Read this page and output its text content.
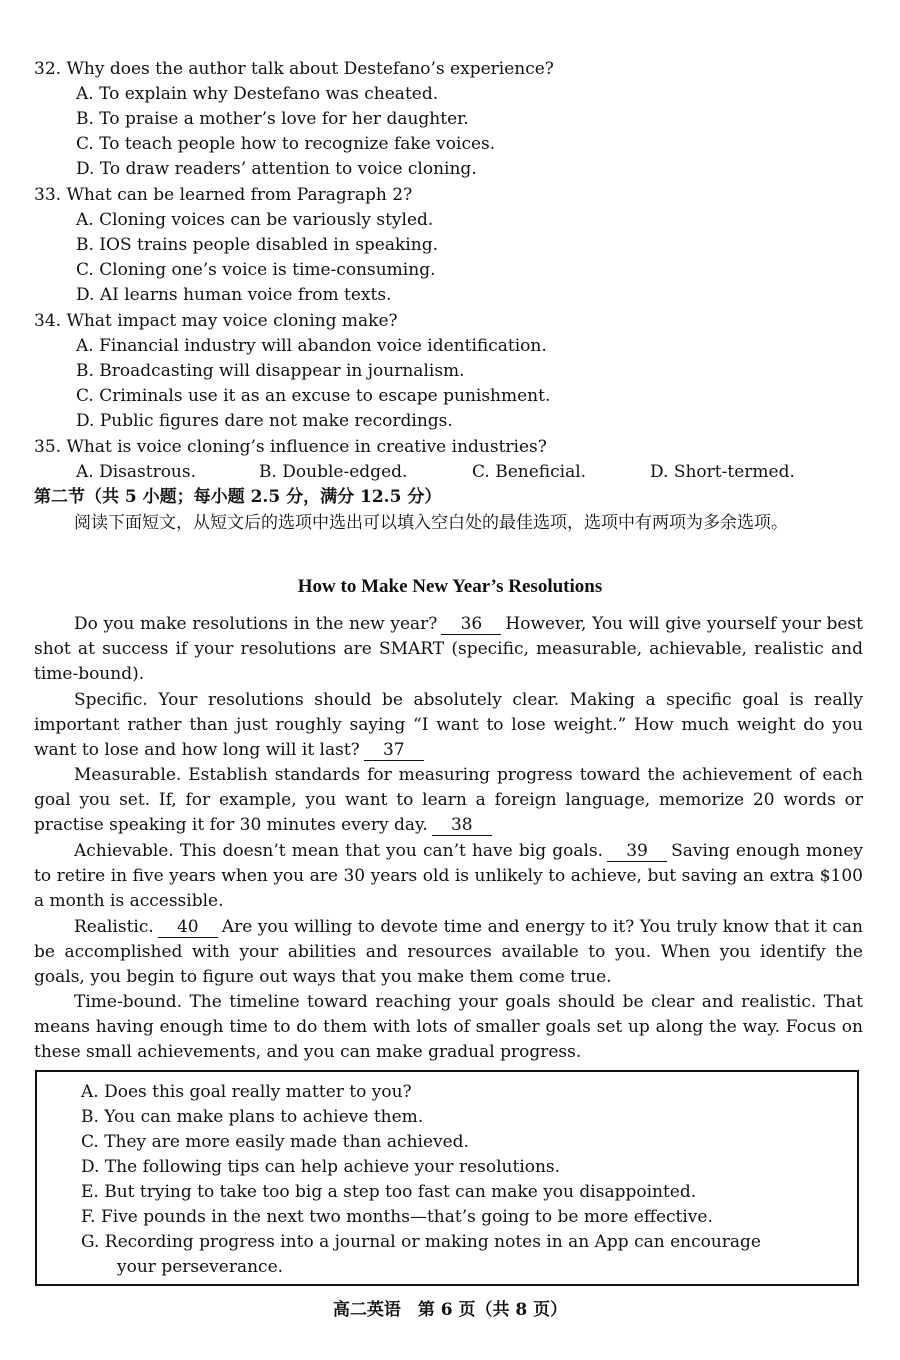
32. Why does the author talk about Destefano’s experience?
A. To explain why Destefano was cheated.
B. To praise a mother’s love for her daughter.
C. To teach people how to recognize fake voices.
D. To draw readers’ attention to voice cloning.
33. What can be learned from Paragraph 2?
A. Cloning voices can be variously styled.
B. IOS trains people disabled in speaking.
C. Cloning one’s voice is time-consuming.
D. AI learns human voice from texts.
34. What impact may voice cloning make?
A. Financial industry will abandon voice identification.
B. Broadcasting will disappear in journalism.
C. Criminals use it as an excuse to escape punishment.
D. Public figures dare not make recordings.
35. What is voice cloning’s influence in creative industries?
A. Disastrous.	B. Double-edged.	C. Beneficial.	D. Short-termed.
第二节（共 5 小题；每小题 2.5 分，满分 12.5 分）

阅读下面短文，从短文后的选项中选出可以填入空白处的最佳选项，选项中有两项为多余选项。

How to Make New Year’s Resolutions

Do you make resolutions in the new year? 36 However, You will give yourself your best shot at success if your resolutions are SMART (specific, measurable, achievable, realistic and time-bound).

Specific. Your resolutions should be absolutely clear. Making a specific goal is really important rather than just roughly saying “I want to lose weight.” How much weight do you want to lose and how long will it last? 37

Measurable. Establish standards for measuring progress toward the achievement of each goal you set. If, for example, you want to learn a foreign language, memorize 20 words or practise speaking it for 30 minutes every day. 38

Achievable. This doesn’t mean that you can’t have big goals. 39 Saving enough money to retire in five years when you are 30 years old is unlikely to achieve, but saving an extra $100 a month is accessible.

Realistic. 40 Are you willing to devote time and energy to it? You truly know that it can be accomplished with your abilities and resources available to you. When you identify the goals, you begin to figure out ways that you make them come true.

Time-bound. The timeline toward reaching your goals should be clear and realistic. That means having enough time to do them with lots of smaller goals set up along the way. Focus on these small achievements, and you can make gradual progress.

A. Does this goal really matter to you?
B. You can make plans to achieve them.
C. They are more easily made than achieved.
D. The following tips can help achieve your resolutions.
E. But trying to take too big a step too fast can make you disappointed.
F. Five pounds in the next two months—that’s going to be more effective.
G. Recording progress into a journal or making notes in an App can encourage
your perseverance.
高二英语　第 6 页（共 8 页）
